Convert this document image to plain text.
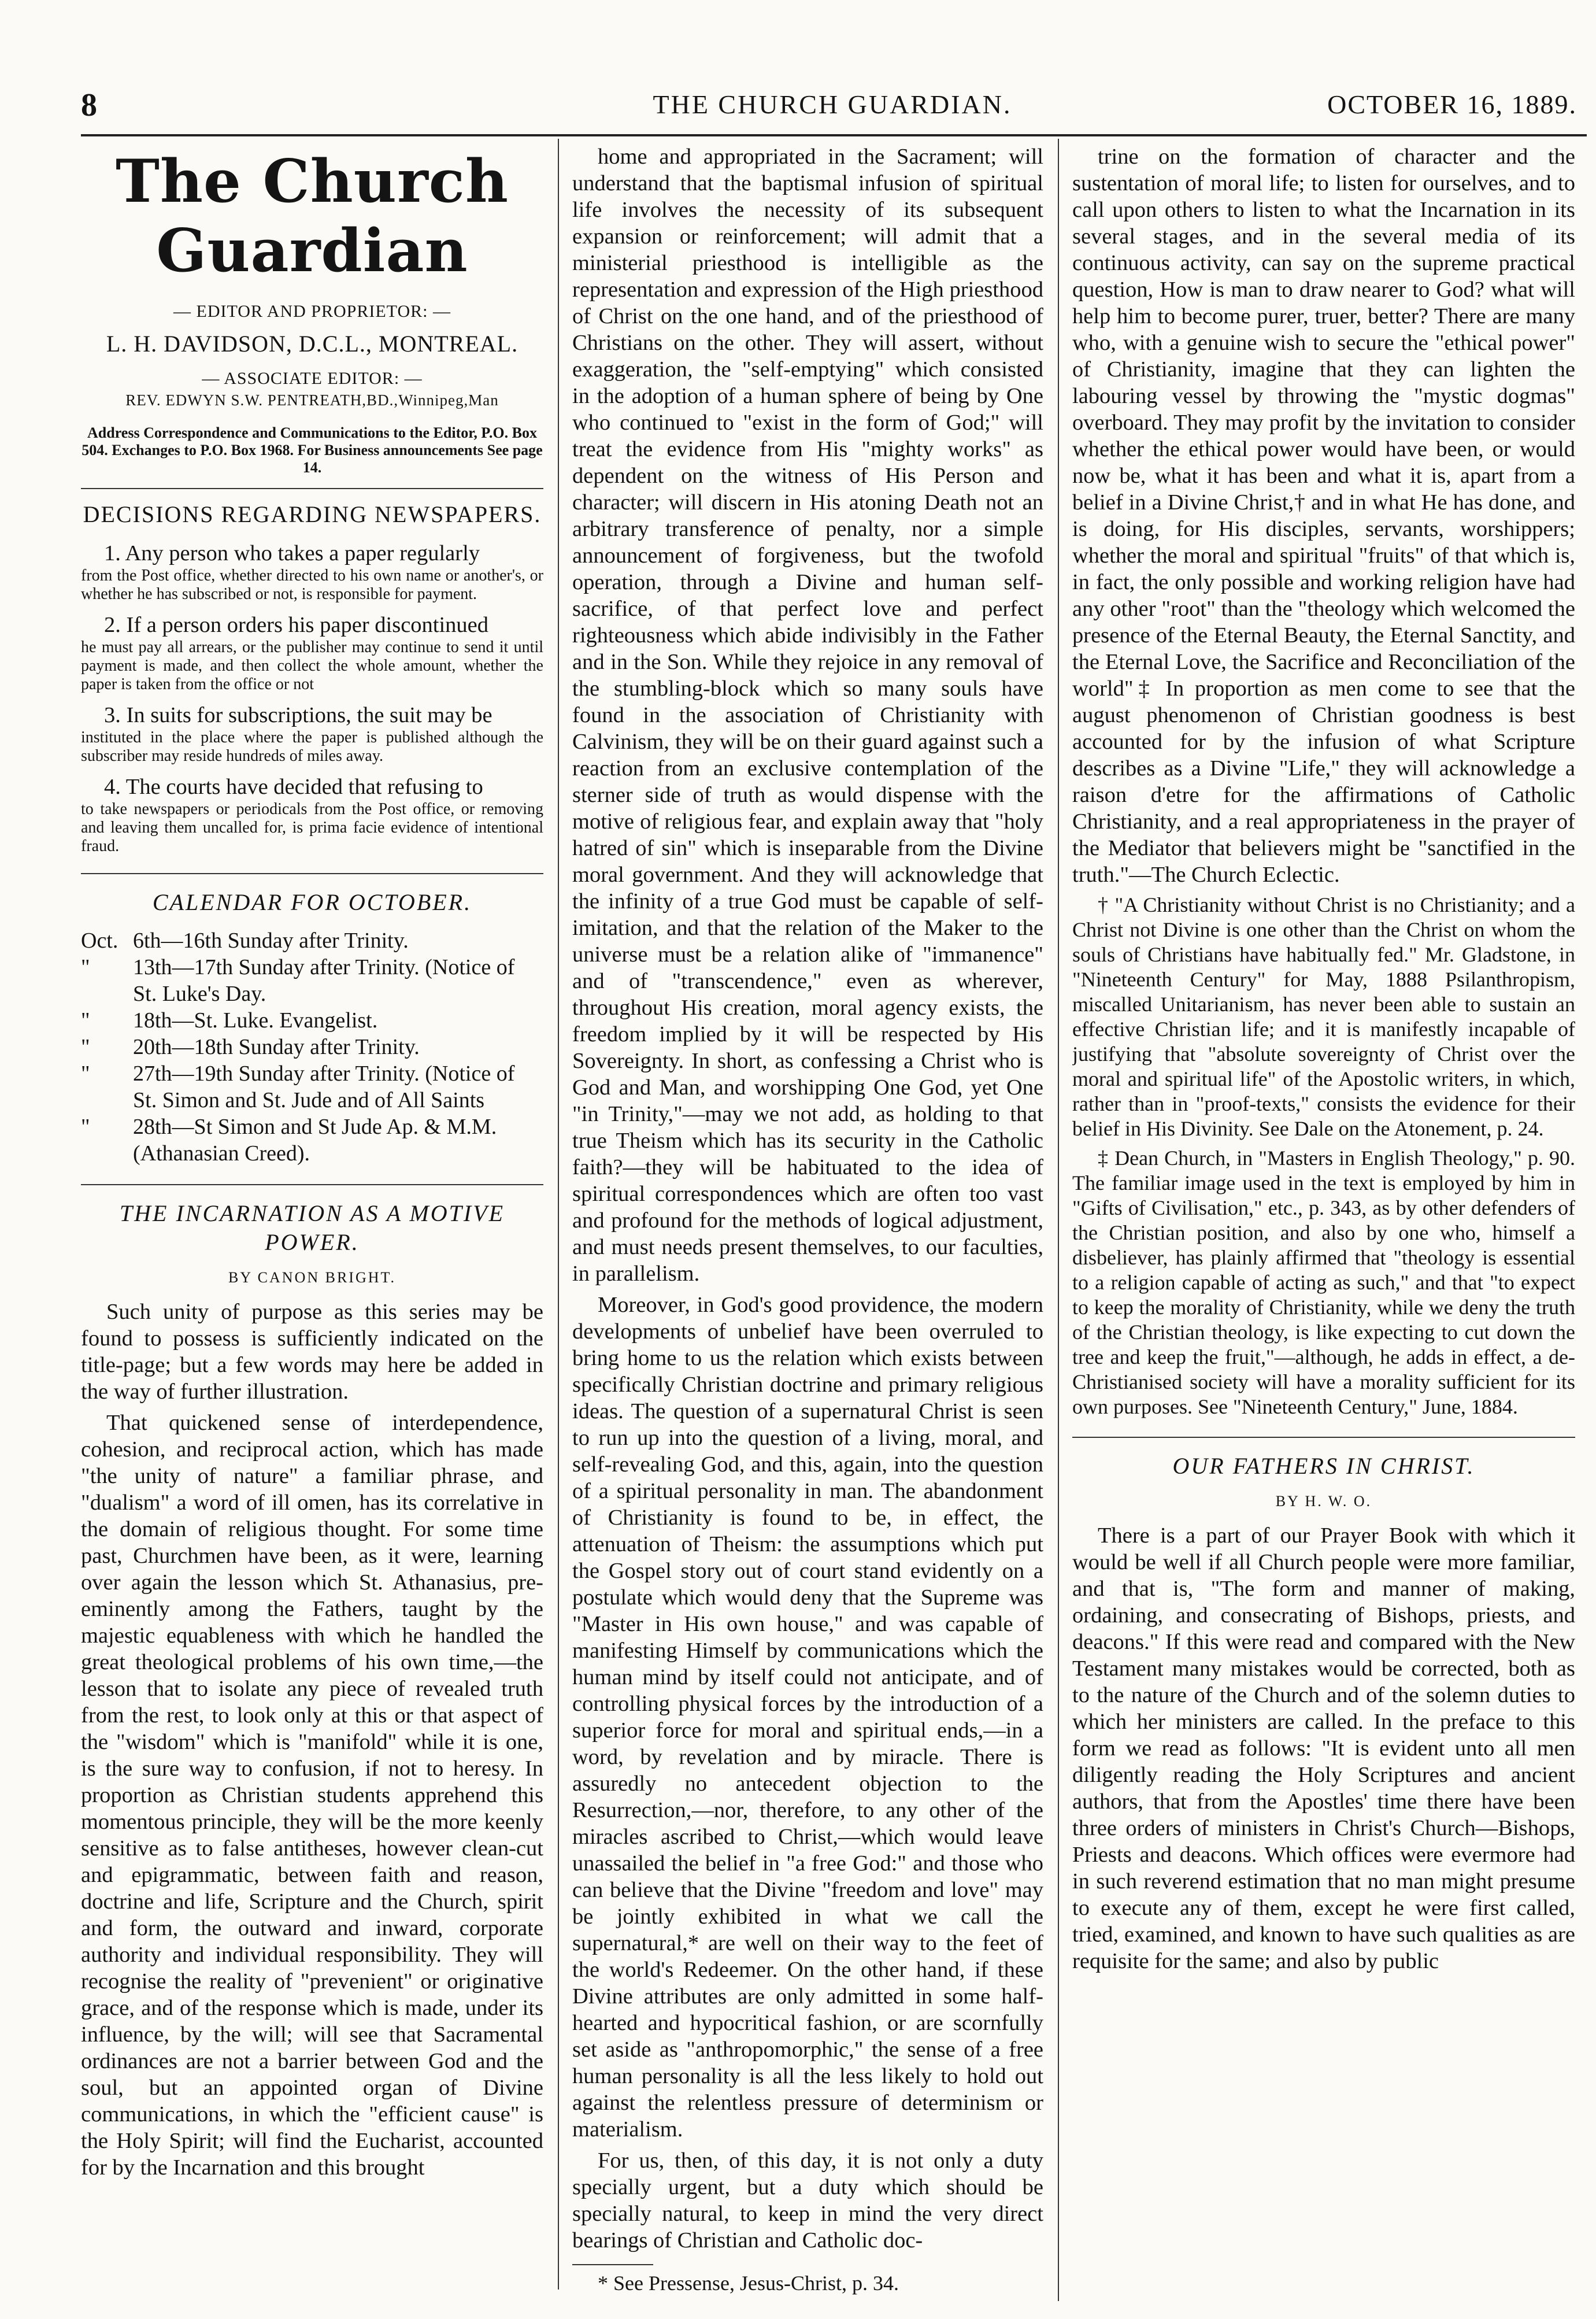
8	THE CHURCH GUARDIAN.	OCTOBER 16, 1889.
The Church Guardian
— EDITOR AND PROPRIETOR: —
L. H. DAVIDSON, D.C.L., MONTREAL.
— ASSOCIATE EDITOR: —
REV. EDWYN S.W. PENTREATH,BD.,Winnipeg,Man
Address Correspondence and Communications to the Editor, P.O. Box 504. Exchanges to P.O. Box 1968. For Business announcements See page 14.
DECISIONS REGARDING NEWSPAPERS.
1. Any person who takes a paper regularly
from the Post office, whether directed to his own name or another's, or whether he has subscribed or not, is responsible for payment.
2. If a person orders his paper discontinued
he must pay all arrears, or the publisher may continue to send it until payment is made, and then collect the whole amount, whether the paper is taken from the office or not
3. In suits for subscriptions, the suit may be
instituted in the place where the paper is published although the subscriber may reside hundreds of miles away.
4. The courts have decided that refusing to
to take newspapers or periodicals from the Post office, or removing and leaving them uncalled for, is prima facie evidence of intentional fraud.
CALENDAR FOR OCTOBER.
Oct. 6th—16th Sunday after Trinity.
"	13th—17th Sunday after Trinity. (Notice of St. Luke's Day.
"	18th—St. Luke. Evangelist.
"	20th—18th Sunday after Trinity.
"	27th—19th Sunday after Trinity. (Notice of St. Simon and St. Jude and of All Saints
"	28th—St Simon and St Jude Ap. & M.M. (Athanasian Creed).
THE INCARNATION AS A MOTIVE POWER.
BY CANON BRIGHT.

Such unity of purpose as this series may be found to possess is sufficiently indicated on the title-page; but a few words may here be added in the way of further illustration.

That quickened sense of interdependence, cohesion, and reciprocal action, which has made "the unity of nature" a familiar phrase, and "dualism" a word of ill omen, has its correlative in the domain of religious thought. For some time past, Churchmen have been, as it were, learning over again the lesson which St. Athanasius, pre-eminently among the Fathers, taught by the majestic equableness with which he handled the great theological problems of his own time,—the lesson that to isolate any piece of revealed truth from the rest, to look only at this or that aspect of the "wisdom" which is "manifold" while it is one, is the sure way to confusion, if not to heresy. In proportion as Christian students apprehend this momentous principle, they will be the more keenly sensitive as to false antitheses, however clean-cut and epigrammatic, between faith and reason, doctrine and life, Scripture and the Church, spirit and form, the outward and inward, corporate authority and individual responsibility. They will recognise the reality of "prevenient" or originative grace, and of the response which is made, under its influence, by the will; will see that Sacramental ordinances are not a barrier between God and the soul, but an appointed organ of Divine communications, in which the "efficient cause" is the Holy Spirit; will find the Eucharist, accounted for by the Incarnation and this brought

home and appropriated in the Sacrament; will understand that the baptismal infusion of spiritual life involves the necessity of its subsequent expansion or reinforcement; will admit that a ministerial priesthood is intelligible as the representation and expression of the High priesthood of Christ on the one hand, and of the priesthood of Christians on the other. They will assert, without exaggeration, the "self-emptying" which consisted in the adoption of a human sphere of being by One who continued to "exist in the form of God;" will treat the evidence from His "mighty works" as dependent on the witness of His Person and character; will discern in His atoning Death not an arbitrary transference of penalty, nor a simple announcement of forgiveness, but the twofold operation, through a Divine and human self-sacrifice, of that perfect love and perfect righteousness which abide indivisibly in the Father and in the Son. While they rejoice in any removal of the stumbling-block which so many souls have found in the association of Christianity with Calvinism, they will be on their guard against such a reaction from an exclusive contemplation of the sterner side of truth as would dispense with the motive of religious fear, and explain away that "holy hatred of sin" which is inseparable from the Divine moral government. And they will acknowledge that the infinity of a true God must be capable of self-imitation, and that the relation of the Maker to the universe must be a relation alike of "immanence" and of "transcendence," even as wherever, throughout His creation, moral agency exists, the freedom implied by it will be respected by His Sovereignty. In short, as confessing a Christ who is God and Man, and worshipping One God, yet One "in Trinity,"—may we not add, as holding to that true Theism which has its security in the Catholic faith?—they will be habituated to the idea of spiritual correspondences which are often too vast and profound for the methods of logical adjustment, and must needs present themselves, to our faculties, in parallelism.

Moreover, in God's good providence, the modern developments of unbelief have been overruled to bring home to us the relation which exists between specifically Christian doctrine and primary religious ideas. The question of a supernatural Christ is seen to run up into the question of a living, moral, and self-revealing God, and this, again, into the question of a spiritual personality in man. The abandonment of Christianity is found to be, in effect, the attenuation of Theism: the assumptions which put the Gospel story out of court stand evidently on a postulate which would deny that the Supreme was "Master in His own house," and was capable of manifesting Himself by communications which the human mind by itself could not anticipate, and of controlling physical forces by the introduction of a superior force for moral and spiritual ends,—in a word, by revelation and by miracle. There is assuredly no antecedent objection to the Resurrection,—nor, therefore, to any other of the miracles ascribed to Christ,—which would leave unassailed the belief in "a free God:" and those who can believe that the Divine "freedom and love" may be jointly exhibited in what we call the supernatural,* are well on their way to the feet of the world's Redeemer. On the other hand, if these Divine attributes are only admitted in some half-hearted and hypocritical fashion, or are scornfully set aside as "anthropomorphic," the sense of a free human personality is all the less likely to hold out against the relentless pressure of determinism or materialism.

For us, then, of this day, it is not only a duty specially urgent, but a duty which should be specially natural, to keep in mind the very direct bearings of Christian and Catholic doc-

* See Pressense, Jesus-Christ, p. 34.

trine on the formation of character and the sustentation of moral life; to listen for ourselves, and to call upon others to listen to what the Incarnation in its several stages, and in the several media of its continuous activity, can say on the supreme practical question, How is man to draw nearer to God? what will help him to become purer, truer, better? There are many who, with a genuine wish to secure the "ethical power" of Christianity, imagine that they can lighten the labouring vessel by throwing the "mystic dogmas" overboard. They may profit by the invitation to consider whether the ethical power would have been, or would now be, what it has been and what it is, apart from a belief in a Divine Christ,† and in what He has done, and is doing, for His disciples, servants, worshippers; whether the moral and spiritual "fruits" of that which is, in fact, the only possible and working religion have had any other "root" than the "theology which welcomed the presence of the Eternal Beauty, the Eternal Sanctity, and the Eternal Love, the Sacrifice and Reconciliation of the world"‡ In proportion as men come to see that the august phenomenon of Christian goodness is best accounted for by the infusion of what Scripture describes as a Divine "Life," they will acknowledge a raison d'etre for the affirmations of Catholic Christianity, and a real appropriateness in the prayer of the Mediator that believers might be "sanctified in the truth."—The Church Eclectic.

† "A Christianity without Christ is no Christianity; and a Christ not Divine is one other than the Christ on whom the souls of Christians have habitually fed." Mr. Gladstone, in "Nineteenth Century" for May, 1888 Psilanthropism, miscalled Unitarianism, has never been able to sustain an effective Christian life; and it is manifestly incapable of justifying that "absolute sovereignty of Christ over the moral and spiritual life" of the Apostolic writers, in which, rather than in "proof-texts," consists the evidence for their belief in His Divinity. See Dale on the Atonement, p. 24.

‡ Dean Church, in "Masters in English Theology," p. 90. The familiar image used in the text is employed by him in "Gifts of Civilisation," etc., p. 343, as by other defenders of the Christian position, and also by one who, himself a disbeliever, has plainly affirmed that "theology is essential to a religion capable of acting as such," and that "to expect to keep the morality of Christianity, while we deny the truth of the Christian theology, is like expecting to cut down the tree and keep the fruit,"—although, he adds in effect, a de-Christianised society will have a morality sufficient for its own purposes. See "Nineteenth Century," June, 1884.

OUR FATHERS IN CHRIST.
BY H. W. O.

There is a part of our Prayer Book with which it would be well if all Church people were more familiar, and that is, "The form and manner of making, ordaining, and consecrating of Bishops, priests, and deacons." If this were read and compared with the New Testament many mistakes would be corrected, both as to the nature of the Church and of the solemn duties to which her ministers are called. In the preface to this form we read as follows: "It is evident unto all men diligently reading the Holy Scriptures and ancient authors, that from the Apostles' time there have been three orders of ministers in Christ's Church—Bishops, Priests and deacons. Which offices were evermore had in such reverend estimation that no man might presume to execute any of them, except he were first called, tried, examined, and known to have such qualities as are requisite for the same; and also by public
